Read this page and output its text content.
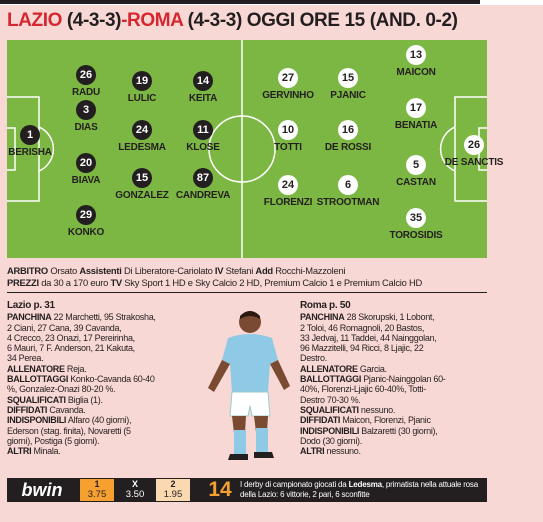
LAZIO (4-3-3)-ROMA (4-3-3) OGGI ORE 15 (AND. 0-2)
1
BERISHA
26
RADU
3
DIAS
20
BIAVA
29
KONKO
19
LULIC
24
LEDESMA
15
GONZALEZ
14
KEITA
11
KLOSE
87
CANDREVA
27
GERVINHO
10
TOTTI
24
FLORENZI
15
PJANIC
16
DE ROSSI
6
STROOTMAN
13
MAICON
17
BENATIA
5
CASTAN
35
TOROSIDIS
26
DE SANCTIS
ARBITRO Orsato Assistenti Di Liberatore-Cariolato IV Stefani Add Rocchi-Mazzoleni
PREZZI da 30 a 170 euro TV Sky Sport 1 HD e Sky Calcio 2 HD, Premium Calcio 1 e Premium Calcio HD
Lazio p. 31
PANCHINA 22 Marchetti, 95 Strakosha,
2 Ciani, 27 Cana, 39 Cavanda,
4 Crecco, 23 Onazi, 17 Pereirinha,
6 Mauri, 7 F. Anderson, 21 Kakuta,
34 Perea.
ALLENATORE Reja.
BALLOTTAGGI Konko-Cavanda 60-40
%, Gonzalez-Onazi 80-20 %.
SQUALIFICATI Biglia (1).
DIFFIDATI Cavanda.
INDISPONIBILI Alfaro (40 giorni),
Ederson (stag. finita), Novaretti (5
giorni), Postiga (5 giorni).
ALTRI Minala.
Roma p. 50
PANCHINA 28 Skorupski, 1 Lobont,
2 Toloi, 46 Romagnoli, 20 Bastos,
33 Jedvaj, 11 Taddei, 44 Nainggolan,
96 Mazzitelli, 94 Ricci, 8 Ljajic, 22
Destro.
ALLENATORE Garcia.
BALLOTTAGGI Pjanic-Nainggolan 60-
40%, Florenzi-Ljajic 60-40%, Totti-
Destro 70-30 %.
SQUALIFICATI nessuno.
DIFFIDATI Maicon, Florenzi, Pjanic
INDISPONIBILI Balzaretti (30 giorni),
Dodo (30 giorni).
ALTRI nessuno.
bwin	1
3.75
X
3.50
2
1.95	14	I derby di campionato giocati da Ledesma, primatista nella attuale rosa della Lazio: 6 vittorie, 2 pari, 6 sconfitte
